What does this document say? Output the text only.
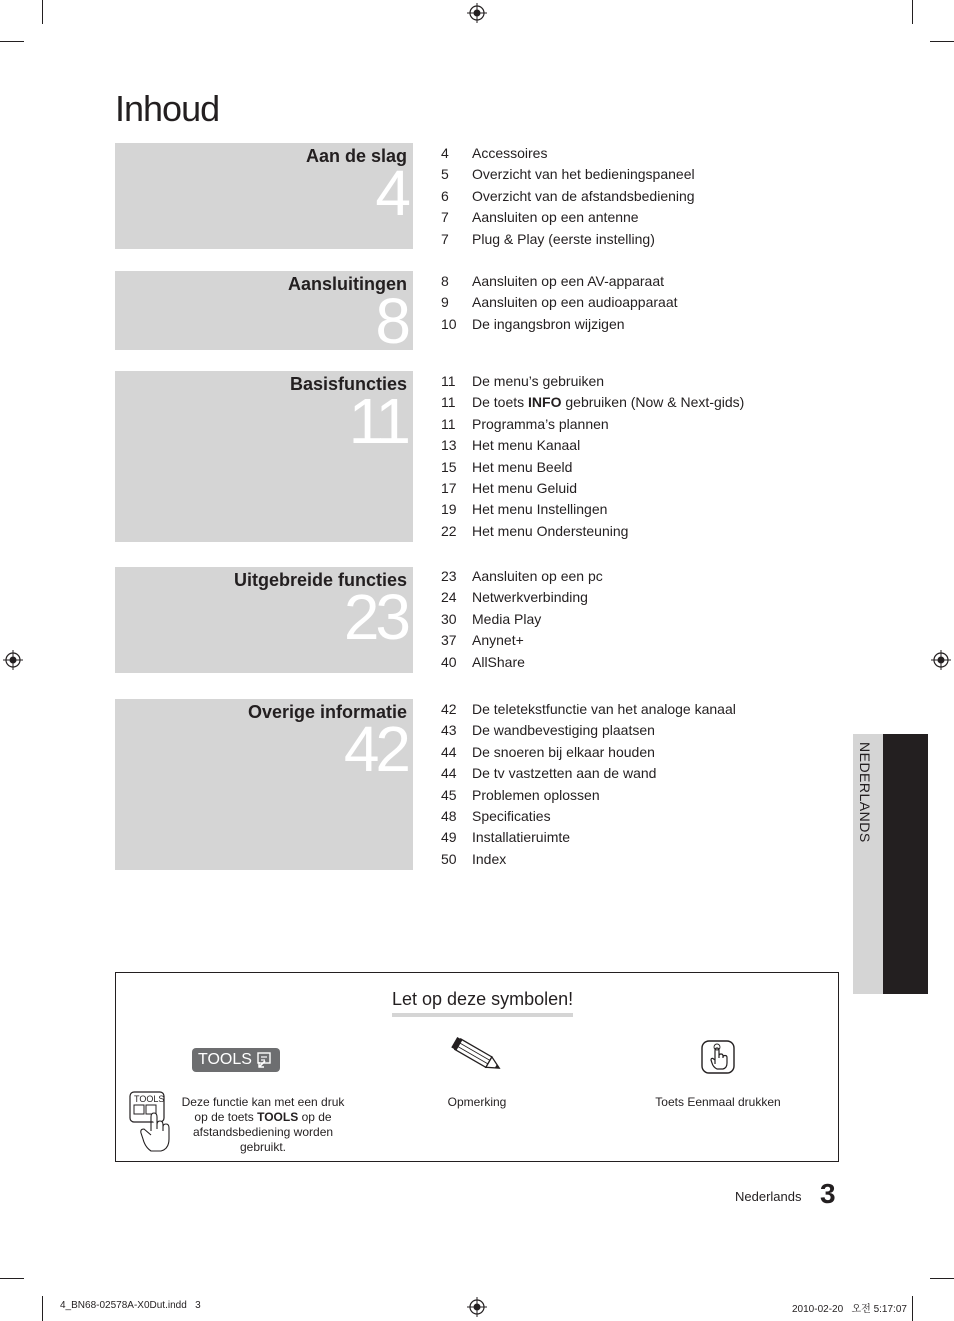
Inhoud
Aan de slag
4
4 Accessoires
5 Overzicht van het bedieningspaneel
6 Overzicht van de afstandsbediening
7 Aansluiten op een antenne
7 Plug & Play (eerste instelling)
Aansluitingen
8
8 Aansluiten op een AV-apparaat
9 Aansluiten op een audioapparaat
10 De ingangsbron wijzigen
Basisfuncties
11
11 De menu’s gebruiken
11 De toets INFO gebruiken (Now & Next-gids)
11 Programma’s plannen
13 Het menu Kanaal
15 Het menu Beeld
17 Het menu Geluid
19 Het menu Instellingen
22 Het menu Ondersteuning
Uitgebreide functies
23
23 Aansluiten op een pc
24 Netwerkverbinding
30 Media Play
37 Anynet+
40 AllShare
Overige informatie
42
42 De teletekstfunctie van het analoge kanaal
43 De wandbevestiging plaatsen
44 De snoeren bij elkaar houden
44 De tv vastzetten aan de wand
45 Problemen oplossen
48 Specificaties
49 Installatieruimte
50 Index
NEDERLANDS
Let op deze symbolen!
TOOLS
TOOLS	Deze functie kan met een druk
op de toets TOOLS op de
afstandsbediening worden gebruikt.
Opmerking	Toets Eenmaal drukken
Nederlands 3
4_BN68-02578A-X0Dut.indd   3	2010-02-20   오전 5:17:07
